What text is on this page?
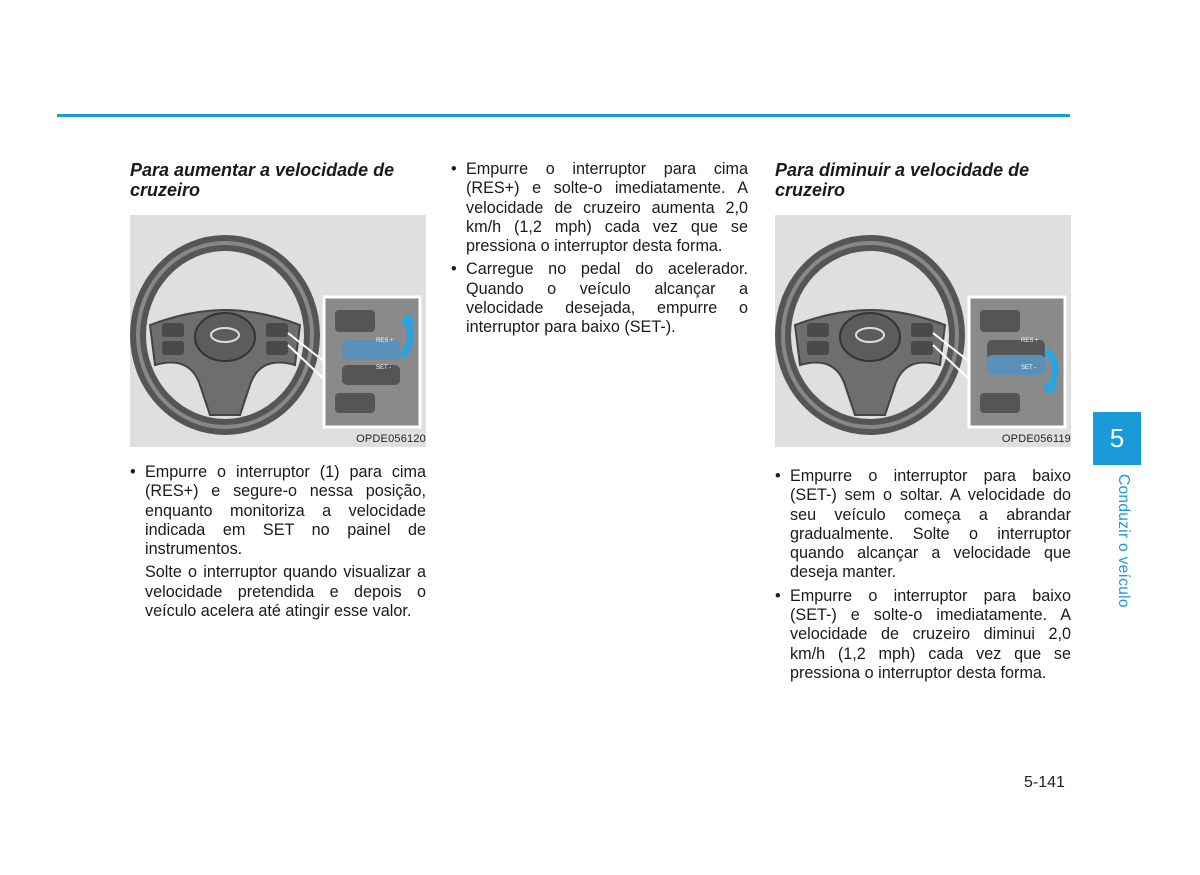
Para aumentar a velocidade de cruzeiro
RES +
SET -
OPDE056120
• Empurre o interruptor (1) para cima (RES+) e segure-o nessa posição, enquanto monitoriza a velocidade indicada em SET no painel de instrumentos.

Solte o interruptor quando visualizar a velocidade pretendida e depois o veículo acelera até atingir esse valor.

• Empurre o interruptor para cima (RES+) e solte-o imediatamente. A velocidade de cruzeiro aumenta 2,0 km/h (1,2 mph) cada vez que se pressiona o interruptor desta forma.
• Carregue no pedal do acelerador. Quando o veículo alcançar a velocidade desejada, empurre o interruptor para baixo (SET-).
Para diminuir a velocidade de cruzeiro
RES +
SET -
OPDE056119
• Empurre o interruptor para baixo (SET-) sem o soltar. A velocidade do seu veículo começa a abrandar gradualmente. Solte o interruptor quando alcançar a velocidade que deseja manter.
• Empurre o interruptor para baixo (SET-) e solte-o imediatamente. A velocidade de cruzeiro diminui 2,0 km/h (1,2 mph) cada vez que se pressiona o interruptor desta forma.
5
Conduzir o veículo
5-141
